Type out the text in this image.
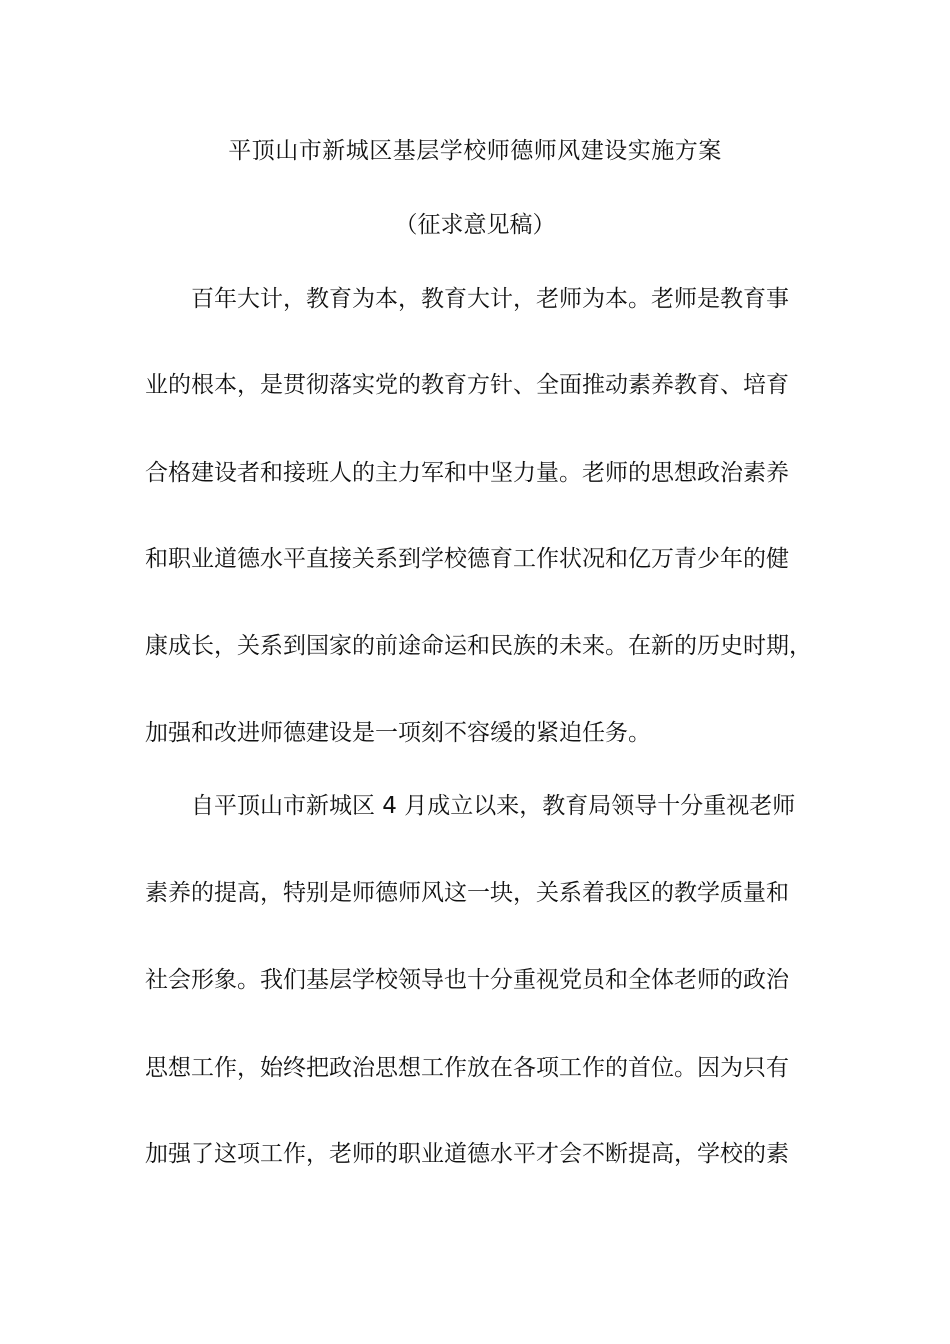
平顶山市新城区基层学校师德师风建设实施方案
（征求意见稿）
百年大计，教育为本，教育大计，老师为本。老师是教育事
业的根本，是贯彻落实党的教育方针、全面推动素养教育、培育
合格建设者和接班人的主力军和中坚力量。老师的思想政治素养
和职业道德水平直接关系到学校德育工作状况和亿万青少年的健
康成长，关系到国家的前途命运和民族的未来。在新的历史时期，
加强和改进师德建设是一项刻不容缓的紧迫任务。
自平顶山市新城区 4 月成立以来，教育局领导十分重视老师
素养的提高，特别是师德师风这一块，关系着我区的教学质量和
社会形象。我们基层学校领导也十分重视党员和全体老师的政治
思想工作，始终把政治思想工作放在各项工作的首位。因为只有
加强了这项工作，老师的职业道德水平才会不断提高，学校的素
